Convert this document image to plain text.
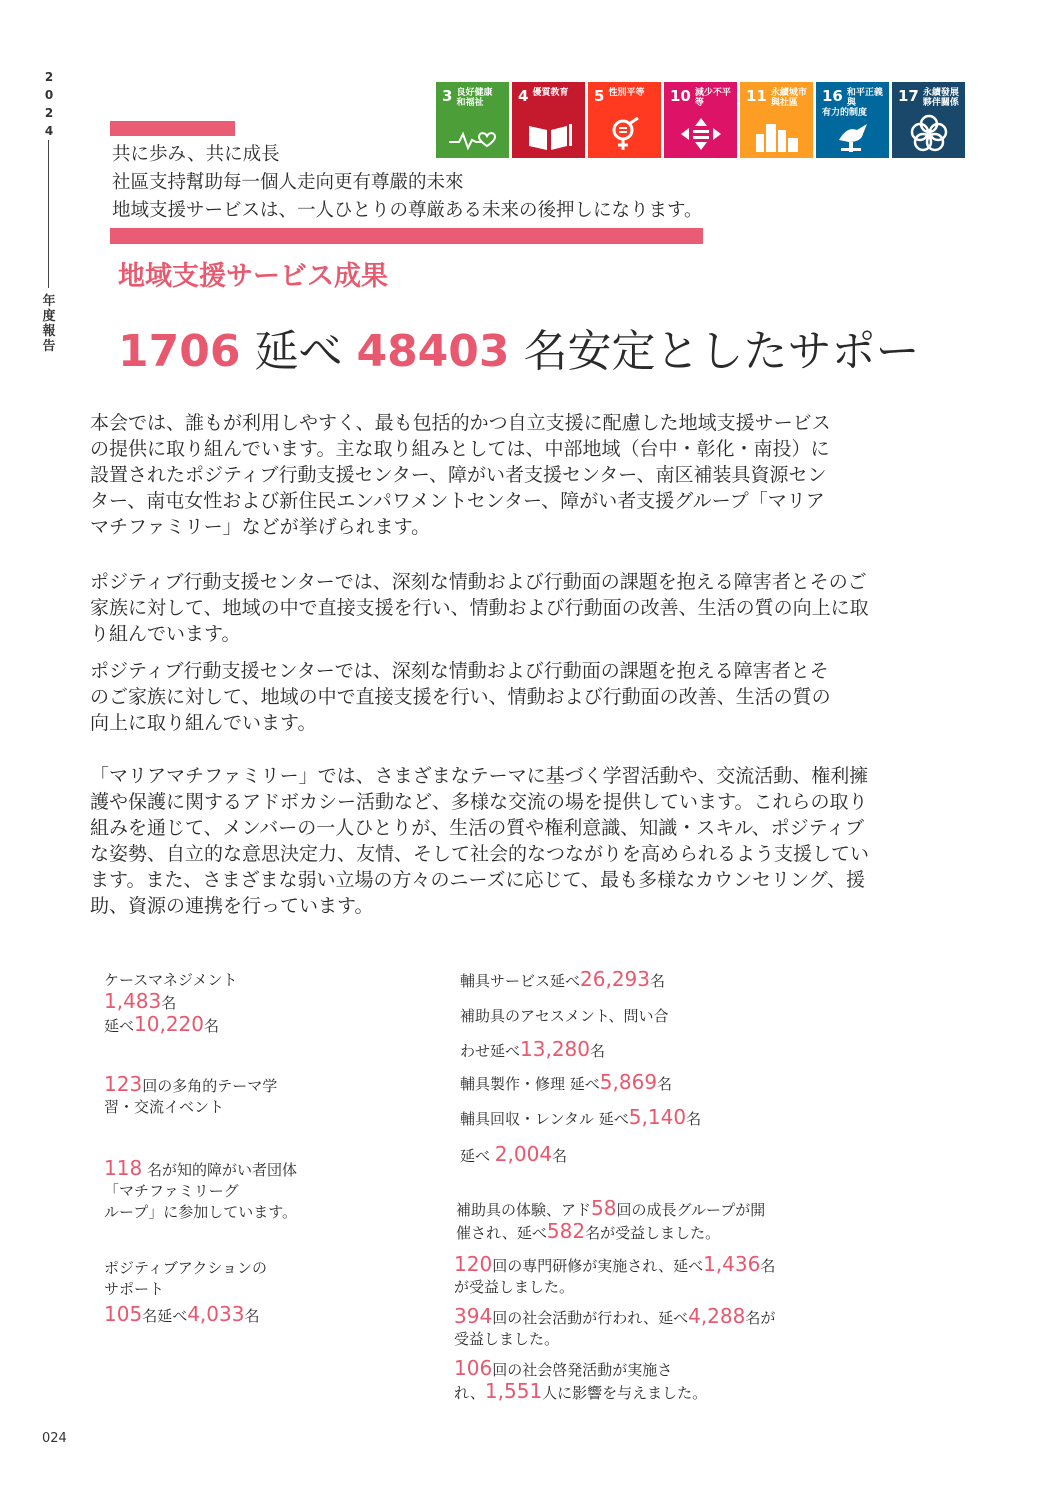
2
0
2
4
年
度
報
告
024
3 良好健康
和福祉	4 優質教育	5 性別平等	10 減少不平等	11 永續城市
與社區	16 和平正義與
有力的制度
17 永續發展
夥伴關係
共に歩み、共に成長
社區支持幫助每一個人走向更有尊嚴的未來
地域支援サービスは、一人ひとりの尊厳ある未来の後押しになります。
地域支援サービス成果
1706 延べ 48403 名安定としたサポー

本会では、誰もが利用しやすく、最も包括的かつ自立支援に配慮した地域支援サービス
の提供に取り組んでいます。主な取り組みとしては、中部地域（台中・彰化・南投）に
設置されたポジティブ行動支援センター、障がい者支援センター、南区補装具資源セン
ター、南屯女性および新住民エンパワメントセンター、障がい者支援グループ「マリア
マチファミリー」などが挙げられます。

ポジティブ行動支援センターでは、深刻な情動および行動面の課題を抱える障害者とそのご
家族に対して、地域の中で直接支援を行い、情動および行動面の改善、生活の質の向上に取
り組んでいます。

ポジティブ行動支援センターでは、深刻な情動および行動面の課題を抱える障害者とそ
のご家族に対して、地域の中で直接支援を行い、情動および行動面の改善、生活の質の
向上に取り組んでいます。

「マリアマチファミリー」では、さまざまなテーマに基づく学習活動や、交流活動、権利擁
護や保護に関するアドボカシー活動など、多様な交流の場を提供しています。これらの取り
組みを通じて、メンバーの一人ひとりが、生活の質や権利意識、知識・スキル、ポジティブ
な姿勢、自立的な意思決定力、友情、そして社会的なつながりを高められるよう支援してい
ます。また、さまざまな弱い立場の方々のニーズに応じて、最も多様なカウンセリング、援
助、資源の連携を行っています。

ケースマネジメント
1,483名
延べ10,220名
123回の多角的テーマ学
習・交流イベント
118 名が知的障がい者団体
「マチファミリーグ
ループ」に参加しています。
ポジティブアクションの
サポート
105名延べ4,033名
輔具サービス延べ26,293名
補助具のアセスメント、問い合
わせ延べ13,280名
輔具製作・修理 延べ5,869名
輔具回収・レンタル 延べ5,140名
延べ 2,004名
補助具の体験、アド58回の成長グループが開
催され、延べ582名が受益しました。
120回の専門研修が実施され、延べ1,436名
が受益しました。
394回の社会活動が行われ、延べ4,288名が
受益しました。
106回の社会啓発活動が実施さ
れ、1,551人に影響を与えました。
